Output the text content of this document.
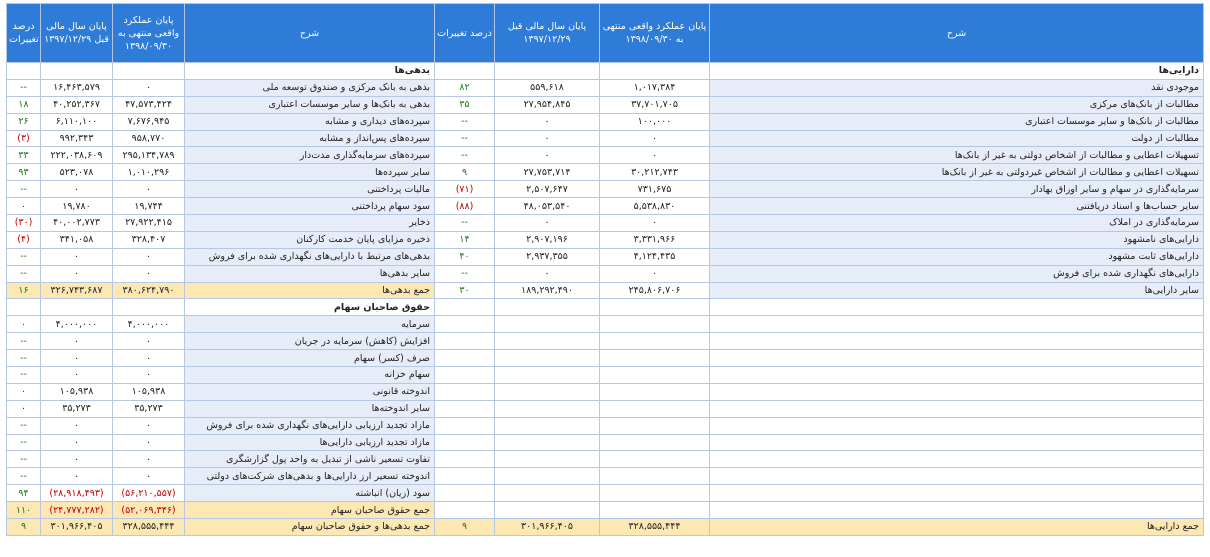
درصد تغییرات	پایان سال مالی قبل ۱۳۹۷/۱۲/۲۹	پایان عملکرد واقعی منتهی به ۱۳۹۸/۰۹/۳۰	شرح	درصد تغییرات	پایان سال مالی قبل ۱۳۹۷/۱۲/۲۹	پایان عملکرد واقعی منتهی به ۱۳۹۸/۰۹/۳۰	شرح
			بدهی‌ها				دارایی‌ها
--	۱۶,۴۶۳,۵۷۹	۰	بدهی به بانک مرکزی و صندوق توسعه ملی	۸۲	۵۵۹,۶۱۸	۱,۰۱۷,۳۸۴	موجودی نقد
۱۸	۴۰,۲۵۲,۳۶۷	۴۷,۵۷۳,۴۲۴	بدهی به بانک‌ها و سایر موسسات اعتباری	۳۵	۲۷,۹۵۴,۸۴۵	۳۷,۷۰۱,۷۰۵	مطالبات از بانک‌های مرکزی
۲۶	۶,۱۱۰,۱۰۰	۷,۶۷۶,۹۴۵	سپرده‌های دیداری و مشابه	--	۰	۱۰۰,۰۰۰	مطالبات از بانک‌ها و سایر موسسات اعتباری
(۳)	۹۹۲,۳۴۳	۹۵۸,۷۷۰	سپرده‌های پس‌انداز و مشابه	--	۰	۰	مطالبات از دولت
۳۳	۲۲۲,۰۳۸,۶۰۹	۲۹۵,۱۳۴,۷۸۹	سپرده‌های سرمایه‌گذاری مدت‌دار	--	۰	۰	تسهیلات اعطایی و مطالبات از اشخاص دولتی به غیر از بانک‌ها
۹۳	۵۲۳,۰۷۸	۱,۰۱۰,۲۹۶	سایر سپرده‌ها	۹	۲۷,۷۵۳,۷۱۴	۳۰,۲۱۲,۷۴۳	تسهیلات اعطایی و مطالبات از اشخاص غیردولتی به غیر از بانک‌ها
--	۰	۰	مالیات پرداختنی	(۷۱)	۲,۵۰۷,۶۴۷	۷۳۱,۶۷۵	سرمایه‌گذاری در سهام و سایر اوراق بهادار
۰	۱۹,۷۸۰	۱۹,۷۴۴	سود سهام پرداختنی	(۸۸)	۴۸,۰۵۳,۵۴۰	۵,۵۳۸,۸۳۰	سایر حساب‌ها و اسناد دریافتنی
(۳۰)	۴۰,۰۰۲,۷۷۳	۲۷,۹۲۲,۴۱۵	ذخایر	--	۰	۰	سرمایه‌گذاری در املاک
(۴)	۳۴۱,۰۵۸	۳۲۸,۴۰۷	ذخیره مزایای پایان خدمت کارکنان	۱۴	۲,۹۰۷,۱۹۶	۳,۳۳۱,۹۶۶	دارایی‌های نامشهود
--	۰	۰	بدهی‌های مرتبط با دارایی‌های نگهداری شده برای فروش	۴۰	۲,۹۳۷,۳۵۵	۴,۱۲۴,۴۳۵	دارایی‌های ثابت مشهود
--	۰	۰	سایر بدهی‌ها	--	۰	۰	دارایی‌های نگهداری شده برای فروش
۱۶	۳۲۶,۷۴۳,۶۸۷	۳۸۰,۶۲۴,۷۹۰	جمع بدهی‌ها	۳۰	۱۸۹,۲۹۲,۴۹۰	۲۴۵,۸۰۶,۷۰۶	سایر دارایی‌ها
			حقوق صاحبان سهام				
۰	۴,۰۰۰,۰۰۰	۴,۰۰۰,۰۰۰	سرمایه				
--	۰	۰	افزایش (کاهش) سرمایه در جریان				
--	۰	۰	صرف (کسر) سهام				
--	۰	۰	سهام خزانه				
۰	۱۰۵,۹۳۸	۱۰۵,۹۳۸	اندوخته قانونی				
۰	۳۵,۲۷۳	۳۵,۲۷۳	سایر اندوخته‌ها				
--	۰	۰	مازاد تجدید ارزیابی دارایی‌های نگهداری شده برای فروش				
--	۰	۰	مازاد تجدید ارزیابی دارایی‌ها				
--	۰	۰	تفاوت تسعیر ناشی از تبدیل به واحد پول گزارشگری				
--	۰	۰	اندوخته تسعیر ارز دارایی‌ها و بدهی‌های شرکت‌های دولتی				
۹۴	(۲۸,۹۱۸,۴۹۳)	(۵۶,۲۱۰,۵۵۷)	سود (زیان) انباشته				
۱۱۰	(۲۴,۷۷۷,۲۸۲)	(۵۲,۰۶۹,۳۴۶)	جمع حقوق صاحبان سهام				
۹	۳۰۱,۹۶۶,۴۰۵	۳۲۸,۵۵۵,۴۴۴	جمع بدهی‌ها و حقوق صاحبان سهام	۹	۳۰۱,۹۶۶,۴۰۵	۳۲۸,۵۵۵,۴۴۴	جمع دارایی‌ها
